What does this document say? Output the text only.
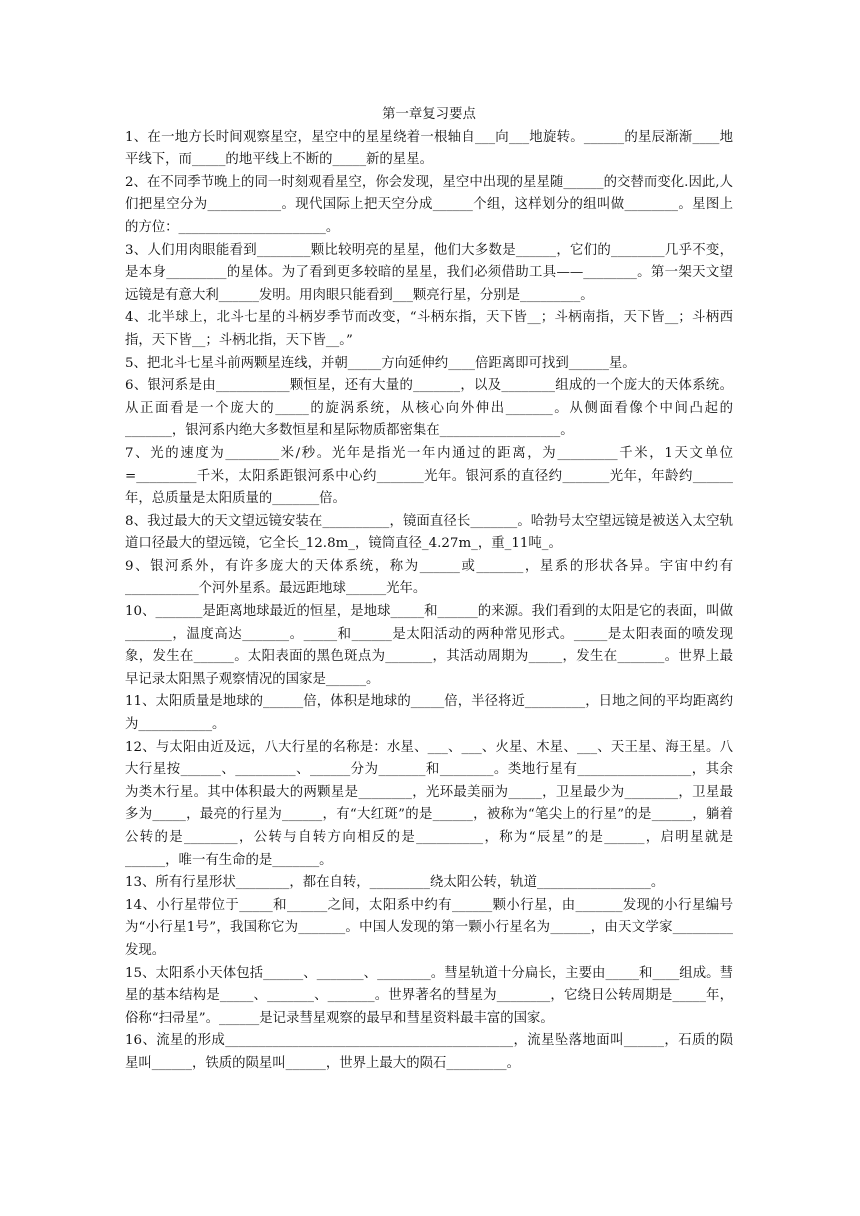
第一章复习要点

1、在一地方长时间观察星空，星空中的星星绕着一根轴自___向___地旋转。______的星辰渐渐____地平线下，而_____的地平线上不断的_____新的星星。

2、在不同季节晚上的同一时刻观看星空，你会发现，星空中出现的星星随______的交替而变化.因此,人们把星空分为___________。现代国际上把天空分成______个组，这样划分的组叫做________。星图上的方位：______________________。

3、人们用肉眼能看到________颗比较明亮的星星，他们大多数是______，它们的________几乎不变，是本身_________的星体。为了看到更多较暗的星星，我们必须借助工具——________。第一架天文望远镜是有意大利______发明。用肉眼只能看到___颗亮行星，分别是_________。

4、北半球上，北斗七星的斗柄岁季节而改变，“斗柄东指，天下皆__；斗柄南指，天下皆__；斗柄西指，天下皆__；斗柄北指，天下皆__。”

5、把北斗七星斗前两颗星连线，并朝_____方向延伸约____倍距离即可找到______星。

6、银河系是由___________颗恒星，还有大量的_______，以及________组成的一个庞大的天体系统。从正面看是一个庞大的_____的旋涡系统，从核心向外伸出_______。从侧面看像个中间凸起的_______，银河系内绝大多数恒星和星际物质都密集在__________________。

7、光的速度为________米/秒。光年是指光一年内通过的距离，为_________千米，1天文单位=_________千米，太阳系距银河系中心约_______光年。银河系的直径约_______光年，年龄约______年，总质量是太阳质量的_______倍。

8、我过最大的天文望远镜安装在__________，镜面直径长_______。哈勃号太空望远镜是被送入太空轨道口径最大的望远镜，它全长_12.8m_，镜筒直径_4.27m_，重_11吨_。

9、银河系外，有许多庞大的天体系统，称为______或_______，星系的形状各异。宇宙中约有___________个河外星系。最远距地球______光年。

10、_______是距离地球最近的恒星，是地球_____和______的来源。我们看到的太阳是它的表面，叫做_______，温度高达_______。_____和______是太阳活动的两种常见形式。_____是太阳表面的喷发现象，发生在______。太阳表面的黑色斑点为_______，其活动周期为_____，发生在_______。世界上最早记录太阳黑子观察情况的国家是______。

11、太阳质量是地球的______倍，体积是地球的_____倍，半径将近_________，日地之间的平均距离约为___________。

12、与太阳由近及远，八大行星的名称是：水星、___、___、火星、木星、___、天王星、海王星。八大行星按______、_________、______分为_______和________。类地行星有_________________，其余为类木行星。其中体积最大的两颗星是________，光环最美丽为_____，卫星最少为________，卫星最多为_____，最亮的行星为______，有“大红斑”的是______，被称为“笔尖上的行星”的是______，躺着公转的是________，公转与自转方向相反的是__________，称为“辰星”的是______，启明星就是______，唯一有生命的是_______。

13、所有行星形状________，都在自转，_________绕太阳公转，轨道_________________。

14、小行星带位于_____和______之间，太阳系中约有______颗小行星，由_______发现的小行星编号为“小行星1号”，我国称它为_______。中国人发现的第一颗小行星名为______，由天文学家_________发现。

15、太阳系小天体包括______、_______、________。彗星轨道十分扁长，主要由_____和____组成。彗星的基本结构是_____、_______、_______。世界著名的彗星为________，它绕日公转周期是_____年，俗称“扫帚星”。______是记录彗星观察的最早和彗星资料最丰富的国家。

16、流星的形成___________________________________________，流星坠落地面叫______，石质的陨星叫______，铁质的陨星叫______，世界上最大的陨石_________。
